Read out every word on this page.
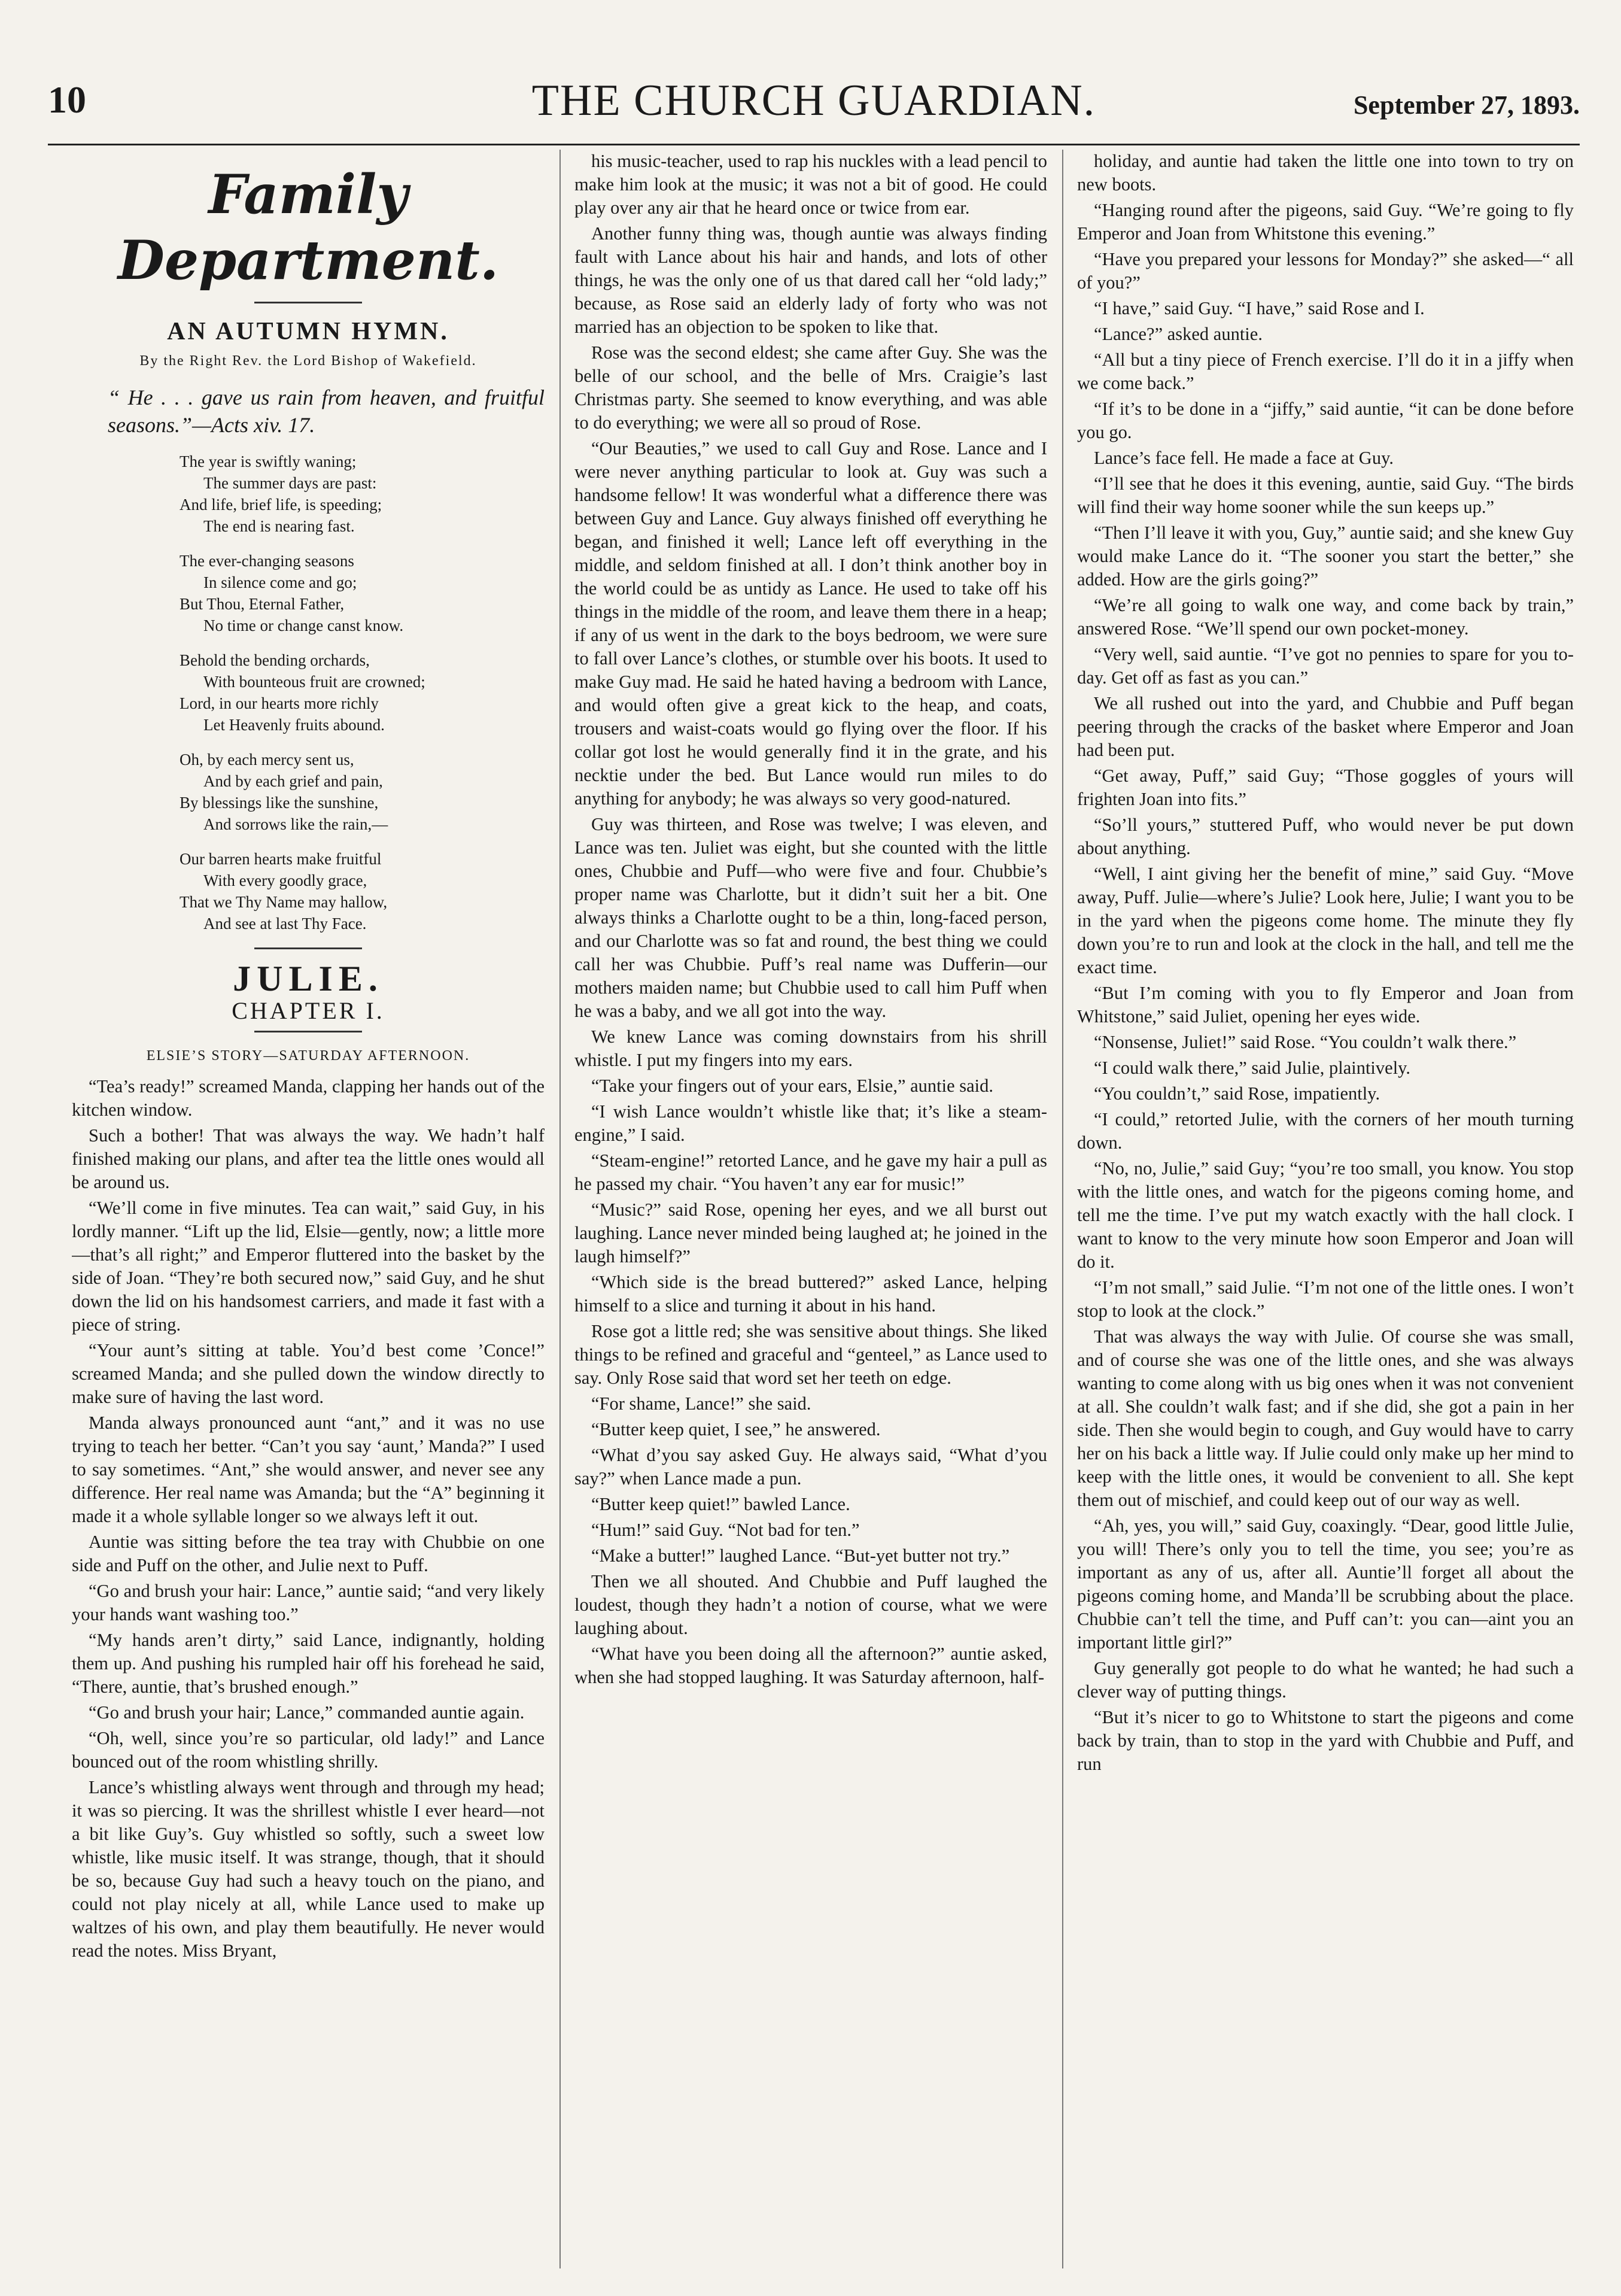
10	THE CHURCH GUARDIAN.	September 27, 1893.
Family Department.
AN AUTUMN HYMN.
By the Right Rev. the Lord Bishop of Wakefield.
“ He . . . gave us rain from heaven, and fruitful seasons.”—Acts xiv. 17.
The year is swiftly waning;
The summer days are past:
And life, brief life, is speeding;
The end is nearing fast.
The ever-changing seasons
In silence come and go;
But Thou, Eternal Father,
No time or change canst know.
Behold the bending orchards,
With bounteous fruit are crowned;
Lord, in our hearts more richly
Let Heavenly fruits abound.
Oh, by each mercy sent us,
And by each grief and pain,
By blessings like the sunshine,
And sorrows like the rain,—
Our barren hearts make fruitful
With every goodly grace,
That we Thy Name may hallow,
And see at last Thy Face.
JULIE.
CHAPTER I.
ELSIE’S STORY—SATURDAY AFTERNOON.

“Tea’s ready!” screamed Manda, clapping her hands out of the kitchen window.

Such a bother! That was always the way. We hadn’t half finished making our plans, and after tea the little ones would all be around us.

“We’ll come in five minutes. Tea can wait,” said Guy, in his lordly manner. “Lift up the lid, Elsie—gently, now; a little more—that’s all right;” and Emperor fluttered into the basket by the side of Joan. “They’re both secured now,” said Guy, and he shut down the lid on his handsomest carriers, and made it fast with a piece of string.

“Your aunt’s sitting at table. You’d best come ’Conce!” screamed Manda; and she pulled down the window directly to make sure of having the last word.

Manda always pronounced aunt “ant,” and it was no use trying to teach her better. “Can’t you say ‘aunt,’ Manda?” I used to say sometimes. “Ant,” she would answer, and never see any difference. Her real name was Amanda; but the “A” beginning it made it a whole syllable longer so we always left it out.

Auntie was sitting before the tea tray with Chubbie on one side and Puff on the other, and Julie next to Puff.

“Go and brush your hair: Lance,” auntie said; “and very likely your hands want washing too.”

“My hands aren’t dirty,” said Lance, indignantly, holding them up. And pushing his rumpled hair off his forehead he said, “There, auntie, that’s brushed enough.”

“Go and brush your hair; Lance,” commanded auntie again.

“Oh, well, since you’re so particular, old lady!” and Lance bounced out of the room whistling shrilly.

Lance’s whistling always went through and through my head; it was so piercing. It was the shrillest whistle I ever heard—not a bit like Guy’s. Guy whistled so softly, such a sweet low whistle, like music itself. It was strange, though, that it should be so, because Guy had such a heavy touch on the piano, and could not play nicely at all, while Lance used to make up waltzes of his own, and play them beautifully. He never would read the notes. Miss Bryant,

his music-teacher, used to rap his nuckles with a lead pencil to make him look at the music; it was not a bit of good. He could play over any air that he heard once or twice from ear.

Another funny thing was, though auntie was always finding fault with Lance about his hair and hands, and lots of other things, he was the only one of us that dared call her “old lady;” because, as Rose said an elderly lady of forty who was not married has an objection to be spoken to like that.

Rose was the second eldest; she came after Guy. She was the belle of our school, and the belle of Mrs. Craigie’s last Christmas party. She seemed to know everything, and was able to do everything; we were all so proud of Rose.

“Our Beauties,” we used to call Guy and Rose. Lance and I were never anything particular to look at. Guy was such a handsome fellow! It was wonderful what a difference there was between Guy and Lance. Guy always finished off everything he began, and finished it well; Lance left off everything in the middle, and seldom finished at all. I don’t think another boy in the world could be as untidy as Lance. He used to take off his things in the middle of the room, and leave them there in a heap; if any of us went in the dark to the boys bedroom, we were sure to fall over Lance’s clothes, or stumble over his boots. It used to make Guy mad. He said he hated having a bedroom with Lance, and would often give a great kick to the heap, and coats, trousers and waist-coats would go flying over the floor. If his collar got lost he would generally find it in the grate, and his necktie under the bed. But Lance would run miles to do anything for anybody; he was always so very good-natured.

Guy was thirteen, and Rose was twelve; I was eleven, and Lance was ten. Juliet was eight, but she counted with the little ones, Chubbie and Puff—who were five and four. Chubbie’s proper name was Charlotte, but it didn’t suit her a bit. One always thinks a Charlotte ought to be a thin, long-faced person, and our Charlotte was so fat and round, the best thing we could call her was Chubbie. Puff’s real name was Dufferin—our mothers maiden name; but Chubbie used to call him Puff when he was a baby, and we all got into the way.

We knew Lance was coming downstairs from his shrill whistle. I put my fingers into my ears.

“Take your fingers out of your ears, Elsie,” auntie said.

“I wish Lance wouldn’t whistle like that; it’s like a steam-engine,” I said.

“Steam-engine!” retorted Lance, and he gave my hair a pull as he passed my chair. “You haven’t any ear for music!”

“Music?” said Rose, opening her eyes, and we all burst out laughing. Lance never minded being laughed at; he joined in the laugh himself?”

“Which side is the bread buttered?” asked Lance, helping himself to a slice and turning it about in his hand.

Rose got a little red; she was sensitive about things. She liked things to be refined and graceful and “genteel,” as Lance used to say. Only Rose said that word set her teeth on edge.

“For shame, Lance!” she said.

“Butter keep quiet, I see,” he answered.

“What d’you say asked Guy. He always said, “What d’you say?” when Lance made a pun.

“Butter keep quiet!” bawled Lance.

“Hum!” said Guy. “Not bad for ten.”

“Make a butter!” laughed Lance. “But-yet butter not try.”

Then we all shouted. And Chubbie and Puff laughed the loudest, though they hadn’t a notion of course, what we were laughing about.

“What have you been doing all the afternoon?” auntie asked, when she had stopped laughing. It was Saturday afternoon, half-

holiday, and auntie had taken the little one into town to try on new boots.

“Hanging round after the pigeons, said Guy. “We’re going to fly Emperor and Joan from Whitstone this evening.”

“Have you prepared your lessons for Monday?” she asked—“ all of you?”

“I have,” said Guy. “I have,” said Rose and I.

“Lance?” asked auntie.

“All but a tiny piece of French exercise. I’ll do it in a jiffy when we come back.”

“If it’s to be done in a “jiffy,” said auntie, “it can be done before you go.

Lance’s face fell. He made a face at Guy.

“I’ll see that he does it this evening, auntie, said Guy. “The birds will find their way home sooner while the sun keeps up.”

“Then I’ll leave it with you, Guy,” auntie said; and she knew Guy would make Lance do it. “The sooner you start the better,” she added. How are the girls going?”

“We’re all going to walk one way, and come back by train,” answered Rose. “We’ll spend our own pocket-money.

“Very well, said auntie. “I’ve got no pennies to spare for you to-day. Get off as fast as you can.”

We all rushed out into the yard, and Chubbie and Puff began peering through the cracks of the basket where Emperor and Joan had been put.

“Get away, Puff,” said Guy; “Those goggles of yours will frighten Joan into fits.”

“So’ll yours,” stuttered Puff, who would never be put down about anything.

“Well, I aint giving her the benefit of mine,” said Guy. “Move away, Puff. Julie—where’s Julie? Look here, Julie; I want you to be in the yard when the pigeons come home. The minute they fly down you’re to run and look at the clock in the hall, and tell me the exact time.

“But I’m coming with you to fly Emperor and Joan from Whitstone,” said Juliet, opening her eyes wide.

“Nonsense, Juliet!” said Rose. “You couldn’t walk there.”

“I could walk there,” said Julie, plaintively.

“You couldn’t,” said Rose, impatiently.

“I could,” retorted Julie, with the corners of her mouth turning down.

“No, no, Julie,” said Guy; “you’re too small, you know. You stop with the little ones, and watch for the pigeons coming home, and tell me the time. I’ve put my watch exactly with the hall clock. I want to know to the very minute how soon Emperor and Joan will do it.

“I’m not small,” said Julie. “I’m not one of the little ones. I won’t stop to look at the clock.”

That was always the way with Julie. Of course she was small, and of course she was one of the little ones, and she was always wanting to come along with us big ones when it was not convenient at all. She couldn’t walk fast; and if she did, she got a pain in her side. Then she would begin to cough, and Guy would have to carry her on his back a little way. If Julie could only make up her mind to keep with the little ones, it would be convenient to all. She kept them out of mischief, and could keep out of our way as well.

“Ah, yes, you will,” said Guy, coaxingly. “Dear, good little Julie, you will! There’s only you to tell the time, you see; you’re as important as any of us, after all. Auntie’ll forget all about the pigeons coming home, and Manda’ll be scrubbing about the place. Chubbie can’t tell the time, and Puff can’t: you can—aint you an important little girl?”

Guy generally got people to do what he wanted; he had such a clever way of putting things.

“But it’s nicer to go to Whitstone to start the pigeons and come back by train, than to stop in the yard with Chubbie and Puff, and run
